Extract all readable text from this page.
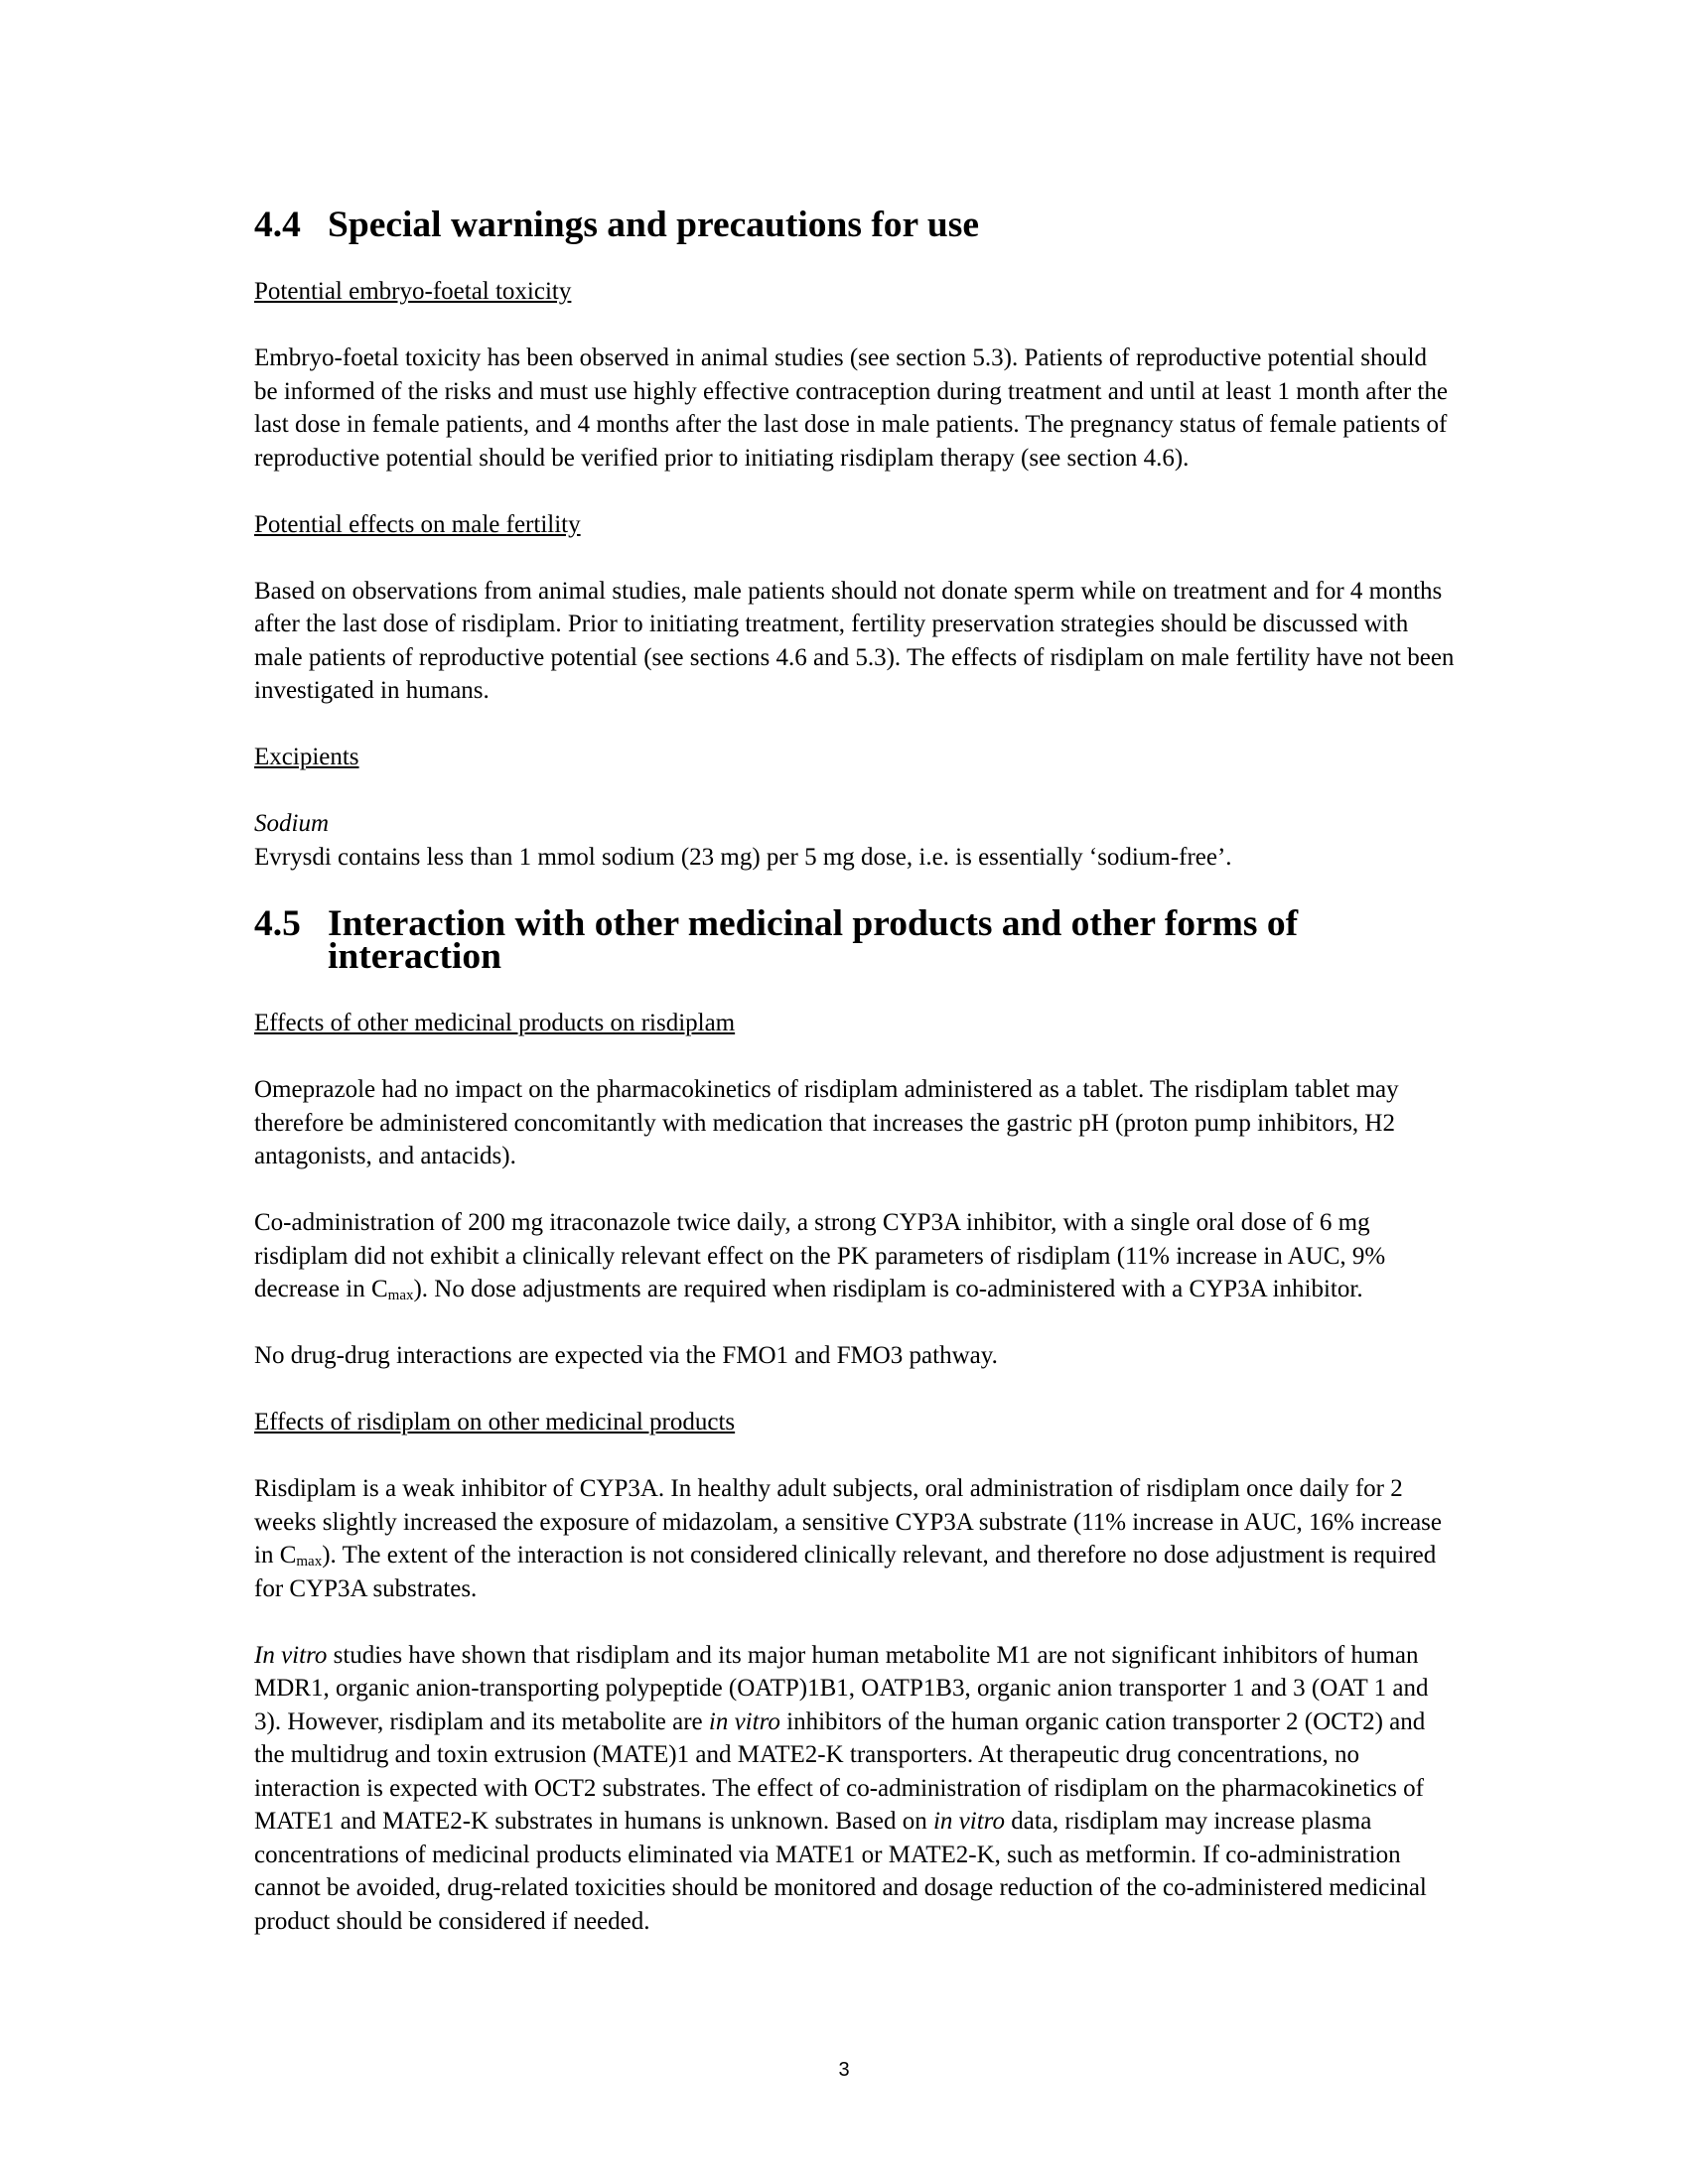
4.4 Special warnings and precautions for use

Potential embryo-foetal toxicity

Embryo-foetal toxicity has been observed in animal studies (see section 5.3). Patients of reproductive potential should be informed of the risks and must use highly effective contraception during treatment and until at least 1 month after the last dose in female patients, and 4 months after the last dose in male patients. The pregnancy status of female patients of reproductive potential should be verified prior to initiating risdiplam therapy (see section 4.6).

Potential effects on male fertility

Based on observations from animal studies, male patients should not donate sperm while on treatment and for 4 months after the last dose of risdiplam. Prior to initiating treatment, fertility preservation strategies should be discussed with male patients of reproductive potential (see sections 4.6 and 5.3). The effects of risdiplam on male fertility have not been investigated in humans.

Excipients

Sodium

Evrysdi contains less than 1 mmol sodium (23 mg) per 5 mg dose, i.e. is essentially ‘sodium-free’.

4.5 Interaction with other medicinal products and other forms of interaction

Effects of other medicinal products on risdiplam

Omeprazole had no impact on the pharmacokinetics of risdiplam administered as a tablet. The risdiplam tablet may therefore be administered concomitantly with medication that increases the gastric pH (proton pump inhibitors, H2 antagonists, and antacids).

Co-administration of 200 mg itraconazole twice daily, a strong CYP3A inhibitor, with a single oral dose of 6 mg risdiplam did not exhibit a clinically relevant effect on the PK parameters of risdiplam (11% increase in AUC, 9% decrease in $C_{max}$). No dose adjustments are required when risdiplam is co-administered with a CYP3A inhibitor.

No drug-drug interactions are expected via the FMO1 and FMO3 pathway.

Effects of risdiplam on other medicinal products

Risdiplam is a weak inhibitor of CYP3A. In healthy adult subjects, oral administration of risdiplam once daily for 2 weeks slightly increased the exposure of midazolam, a sensitive CYP3A substrate (11% increase in AUC, 16% increase in $C_{max}$). The extent of the interaction is not considered clinically relevant, and therefore no dose adjustment is required for CYP3A substrates.

In vitro studies have shown that risdiplam and its major human metabolite M1 are not significant inhibitors of human MDR1, organic anion-transporting polypeptide (OATP)1B1, OATP1B3, organic anion transporter 1 and 3 (OAT 1 and 3). However, risdiplam and its metabolite are in vitro inhibitors of the human organic cation transporter 2 (OCT2) and the multidrug and toxin extrusion (MATE)1 and MATE2-K transporters. At therapeutic drug concentrations, no interaction is expected with OCT2 substrates. The effect of co-administration of risdiplam on the pharmacokinetics of MATE1 and MATE2-K substrates in humans is unknown. Based on in vitro data, risdiplam may increase plasma concentrations of medicinal products eliminated via MATE1 or MATE2-K, such as metformin. If co-administration cannot be avoided, drug-related toxicities should be monitored and dosage reduction of the co-administered medicinal product should be considered if needed.

3
